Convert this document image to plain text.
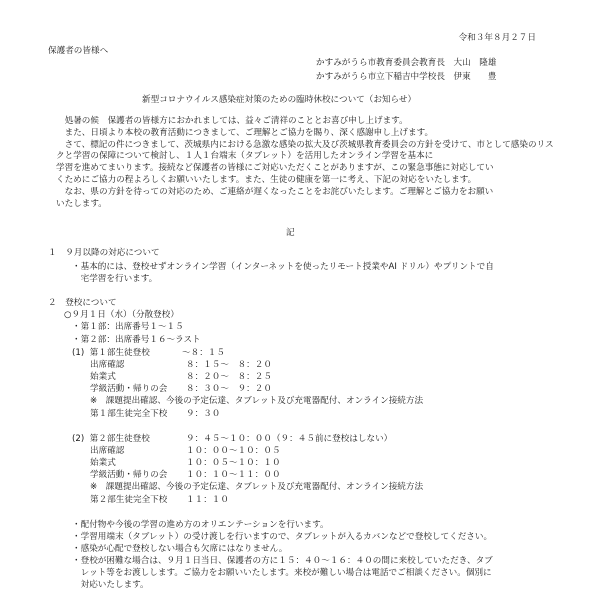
令和３年８月２７日
保護者の皆様へ
かすみがうら市教育委員会教育長　大山　隆雄
かすみがうら市立下稲吉中学校長　伊東　　豊
新型コロナウイルス感染症対策のための臨時休校について（お知らせ）
　処暑の候　保護者の皆様方におかれましては、益々ご清祥のこととお喜び申し上げます。
　また、日頃より本校の教育活動につきまして、ご理解とご協力を賜り、深く感謝申し上げます。
　さて、標記の件につきまして、茨城県内における急激な感染の拡大及び茨城県教育委員会の方針を受けて、市として感染のリスクと学習の保障について検討し、１人１台端末（タブレット）を活用したオンライン学習を基本に
学習を進めてまいります。接続など保護者の皆様にご対応いただくことがありますが、この緊急事態に対応してい
くためにご協力の程よろしくお願いいたします。また、生徒の健康を第一に考え、下記の対応をいたします。
　なお、県の方針を待っての対応のため、ご連絡が遅くなったことをお詫びいたします。ご理解とご協力をお願い
いたします。
記
１　９月以降の対応について
・基本的には、登校せずオンライン学習（インターネットを使ったリモート授業やAI ドリル）やプリントで自
　宅学習を行います。
２　登校について
○９月１日（水）（分散登校）
・第１部：出席番号１～１５
・第２部：出席番号１６～ラスト
(1)  第１部生徒登校	〜８：１５
出席確認	８：１５〜　８：２０
始業式	８：２０〜　８：２５
学級活動・帰りの会 ８：３０〜　９：２０
※　課題提出確認、今後の予定伝達、タブレット及び充電器配付、オンライン接続方法
第１部生徒完全下校 ９：３０
(2)  第２部生徒登校	９：４５〜１０：００（９：４５前に登校はしない）
出席確認	１０：００〜１０：０５
始業式	１０：０５〜１０：１０
学級活動・帰りの会 １０：１０〜１１：００
※　課題提出確認、今後の予定伝達、タブレット及び充電器配付、オンライン接続方法
第２部生徒完全下校 １１：１０
・配付物や今後の学習の進め方のオリエンテーションを行います。
・学習用端末（タブレット）の受け渡しを行いますので、タブレットが入るカバンなどで登校してください。
・感染が心配で登校しない場合も欠席にはなりません。
・登校が困難な場合は、９月１日当日、保護者の方に１５：４０〜１６：４０の間に来校していただき、タブ
　レット等をお渡しします。ご協力をお願いいたします。来校が難しい場合は電話でご相談ください。個別に
　対応いたします。
